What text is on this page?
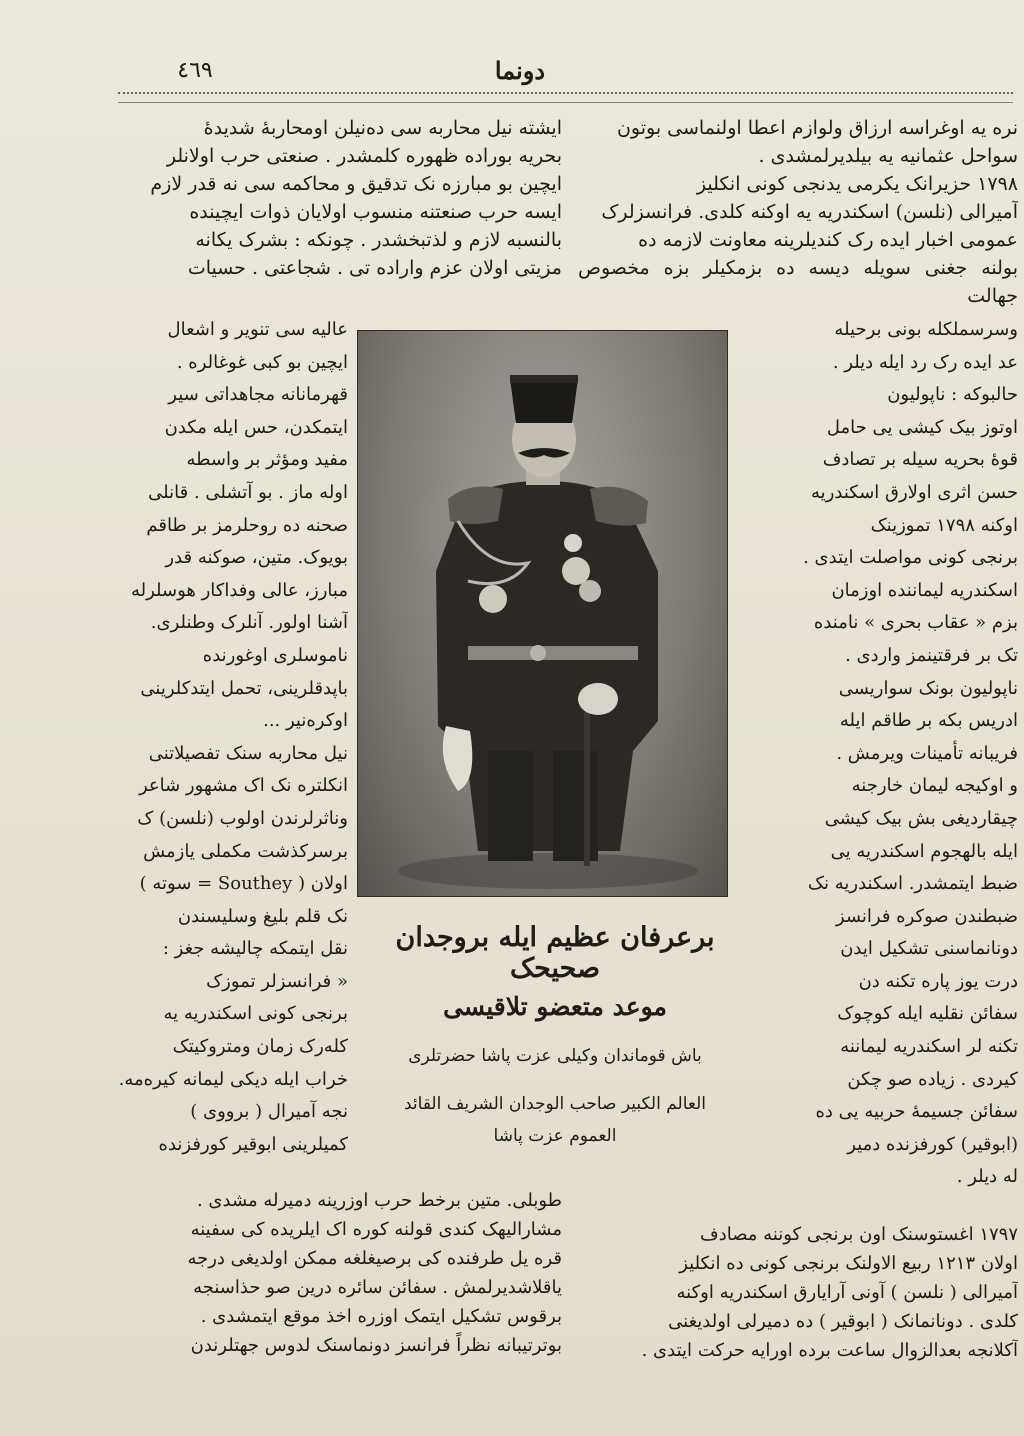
٤٦٩	دونما

نره یه اوغراسه ارزاق ولوازم اعطا اولنماسی بوتون

سواحل عثمانیه یه بیلدیرلمشدی .

١٧٩٨ حزیرانک یکرمی یدنجی کونی انکلیز

آمیرالی (نلسن) اسکندریه یه اوکنه کلدی. فرانسزلرک

عمومی اخبار ایده رک کندیلرینه معاونت لازمه ده

بولنه جغنی سویله دیسه ده بزمکیلر بزه مخصوص جهالت

ایشته نیل محاربه سی دەنیلن اومحاربهٔ شدیدهٔ

بحریه بوراده ظهوره کلمشدر . صنعتی حرب اولانلر

ایچین بو مبارزه نک تدقیق و محاکمه سی نه قدر لازم

ایسه حرب صنعتنه منسوب اولایان ذوات ایچینده

بالنسبه لازم و لذتبخشدر . چونکه : بشرک یکانه

مزیتی اولان عزم واراده تی . شجاعتی . حسیات

وسرسملکله بونی برحیله

عد ایده رک رد ایله دیلر .

حالبوکه : ناپولیون

اوتوز بیک کیشی یی حامل

قوهٔ بحریه سیله بر تصادف

حسن اثری اولارق اسکندریه

اوکنه ١٧٩٨ تموزینک

برنجی کونی مواصلت ایتدی .

اسکندریه لیماننده اوزمان

بزم « عقاب بحری » نامنده

تک بر فرقتینمز واردی .

ناپولیون بونک سواریسی

ادریس بکه بر طاقم ایله

فریبانه تأمینات ویرمش .

و اوکیجه لیمان خارجنه

چیقاردیغی بش بیک کیشی

ایله بالهجوم اسکندریه یی

ضبط ایتمشدر. اسکندریه نک

ضبطندن صوکره فرانسز

دونانماسنی تشکیل ایدن

درت یوز پاره تکنه دن

سفائن نقلیه ایله کوچوک

تکنه لر اسکندریه لیماننه

کیردی . زیاده صو چکن

سفائن جسیمهٔ حربیه یی ده

(ابوقیر) کورفزنده دمیر

له دیلر .

عالیه سی تنویر و اشعال

ایچین بو کبی غوغالره .

قهرمانانه مجاهداتی سیر

ایتمکدن، حس ایله مکدن

مفید ومؤثر بر واسطه

اوله ماز . بو آتشلی . قانلی

صحنه ده روحلرمز بر طاقم

بویوک. متین، صوکنه قدر

مبارز، عالی وفداکار هوسلرله

آشنا اولور. آنلرک وطنلری.

ناموسلری اوغورنده

باپدقلرینی، تحمل ایتدکلرینی

اوکرەنیر ...

نیل محاربه سنک تفصیلاتنی

انکلتره نک اک مشهور شاعر

وناثرلرندن اولوب (نلسن) ک

برسرکذشت مکملی یازمش

اولان ( Southey = سوته )

نک قلم بلیغ وسلیسندن

نقل ایتمکه چالیشه جغز :

« فرانسزلر تموزک

برنجی کونی اسکندریه یه

کلەرک زمان ومتروکیتک

خراب ایله دیکی لیمانه کیرەمە.

نجه آمیرال ( برووی )

کمیلرینی ابوقیر کورفزنده

برعرفان عظیم ایله بروجدان صحیحک
موعد متعضو تلاقیسی
باش قوماندان وکیلی عزت پاشا حضرتلری
العالم الکبیر صاحب الوجدان الشریف القائد
العموم عزت پاشا

طوبلی. متین برخط حرب اوزرینه دمیرله مشدی .

مشارالیهک کندی قولنه کوره اک ایلریده کی سفینه

قره یل طرفنده کی برصیغلغه ممکن اولدیغی درجه

یاقلاشدیرلمش . سفائن سائره درین صو حذاسنجه

برقوس تشکیل ایتمک اوزره اخذ موقع ایتمشدی .

بوترتیبانه نظراً فرانسز دونماسنک لدوس جهتلرندن

١٧٩٧ اغستوسنک اون برنجی کوننه مصادف

اولان ١٢١٣ ربیع الاولنک برنجی کونی ده انکلیز

آمیرالی ( نلسن ) آونی آرایارق اسکندریه اوکنه

کلدی . دونانمانک ( ابوقیر ) ده دمیرلی اولدیغنی

آکلانجه بعدالزوال ساعت برده اورایه حرکت ایتدی .
